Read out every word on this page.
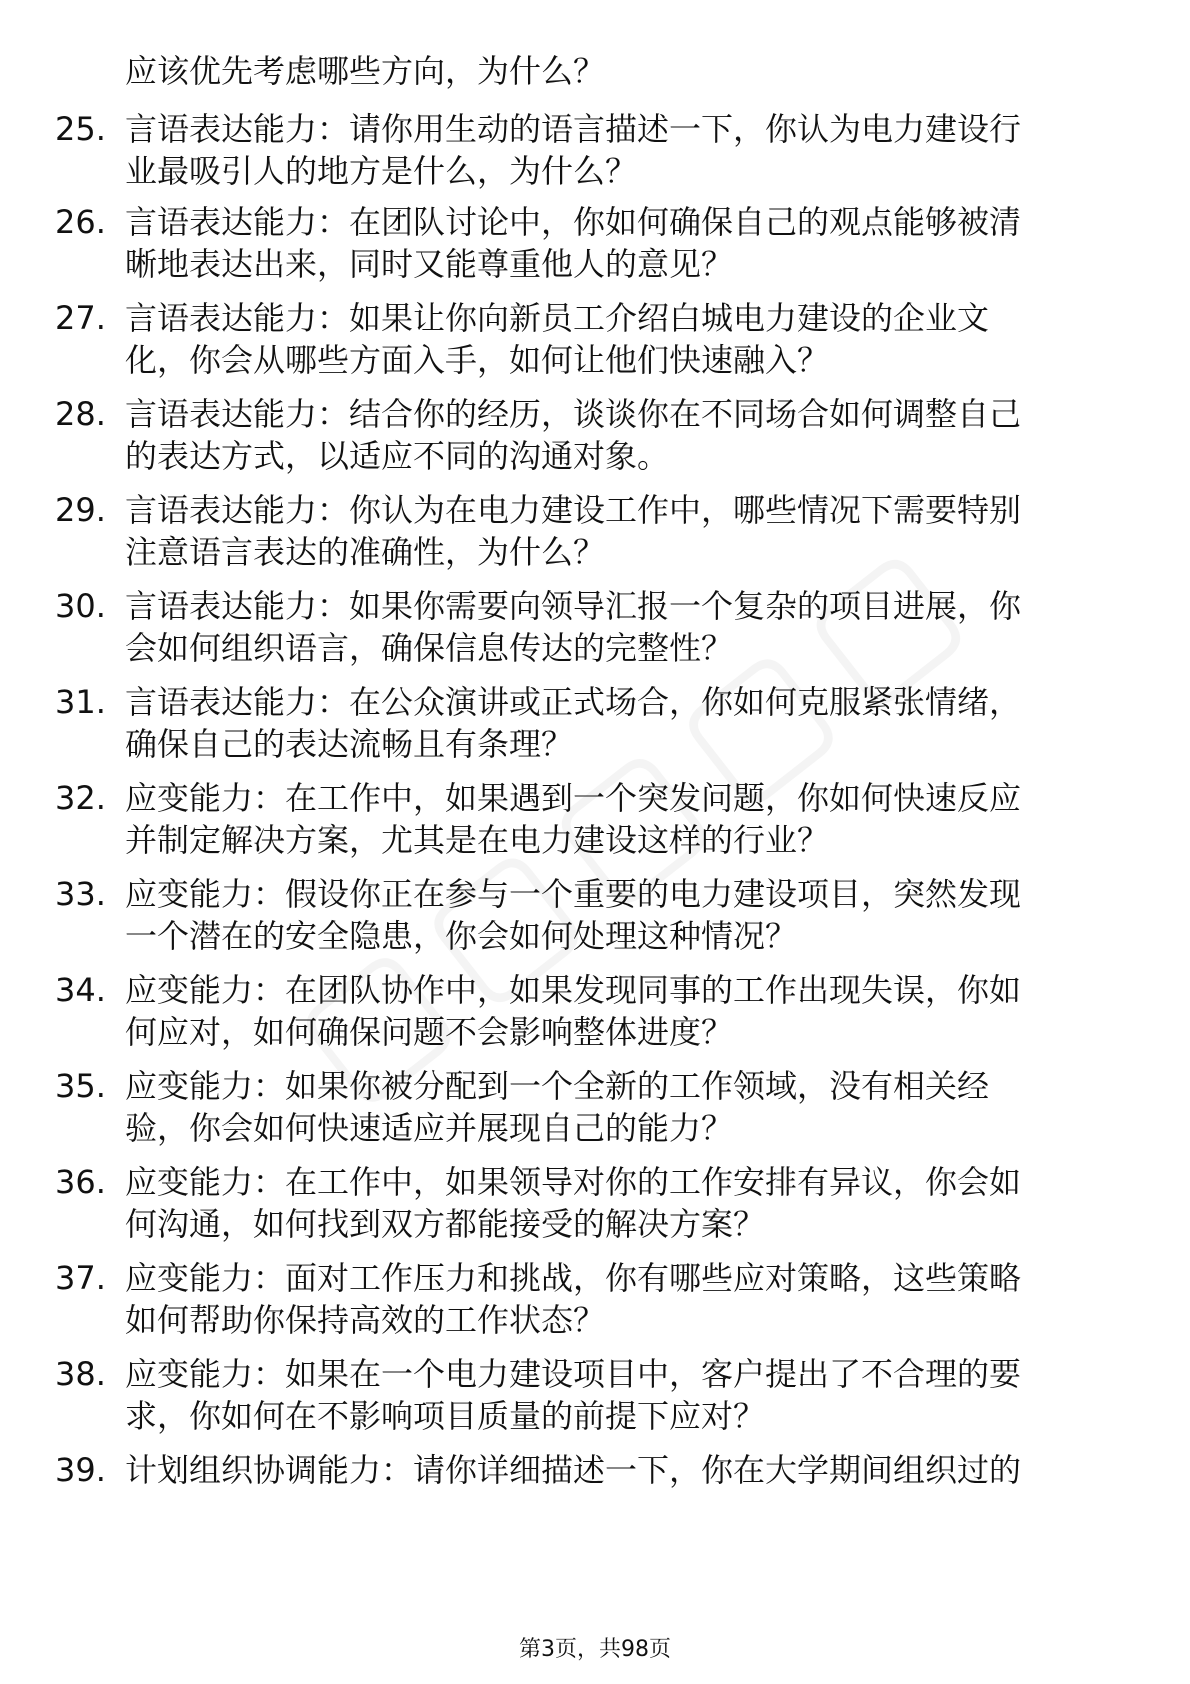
应该优先考虑哪些方向，为什么？
25. 言语表达能力：请你用生动的语言描述一下，你认为电力建设行
业最吸引人的地方是什么，为什么？
26. 言语表达能力：在团队讨论中，你如何确保自己的观点能够被清
晰地表达出来，同时又能尊重他人的意见？
27. 言语表达能力：如果让你向新员工介绍白城电力建设的企业文
化，你会从哪些方面入手，如何让他们快速融入？
28. 言语表达能力：结合你的经历，谈谈你在不同场合如何调整自己
的表达方式，以适应不同的沟通对象。
29. 言语表达能力：你认为在电力建设工作中，哪些情况下需要特别
注意语言表达的准确性，为什么？
30. 言语表达能力：如果你需要向领导汇报一个复杂的项目进展，你
会如何组织语言，确保信息传达的完整性？
31. 言语表达能力：在公众演讲或正式场合，你如何克服紧张情绪，
确保自己的表达流畅且有条理？
32. 应变能力：在工作中，如果遇到一个突发问题，你如何快速反应
并制定解决方案，尤其是在电力建设这样的行业？
33. 应变能力：假设你正在参与一个重要的电力建设项目，突然发现
一个潜在的安全隐患，你会如何处理这种情况？
34. 应变能力：在团队协作中，如果发现同事的工作出现失误，你如
何应对，如何确保问题不会影响整体进度？
35. 应变能力：如果你被分配到一个全新的工作领域，没有相关经
验，你会如何快速适应并展现自己的能力？
36. 应变能力：在工作中，如果领导对你的工作安排有异议，你会如
何沟通，如何找到双方都能接受的解决方案？
37. 应变能力：面对工作压力和挑战，你有哪些应对策略，这些策略
如何帮助你保持高效的工作状态？
38. 应变能力：如果在一个电力建设项目中，客户提出了不合理的要
求，你如何在不影响项目质量的前提下应对？
39. 计划组织协调能力：请你详细描述一下，你在大学期间组织过的
第3页，共98页
